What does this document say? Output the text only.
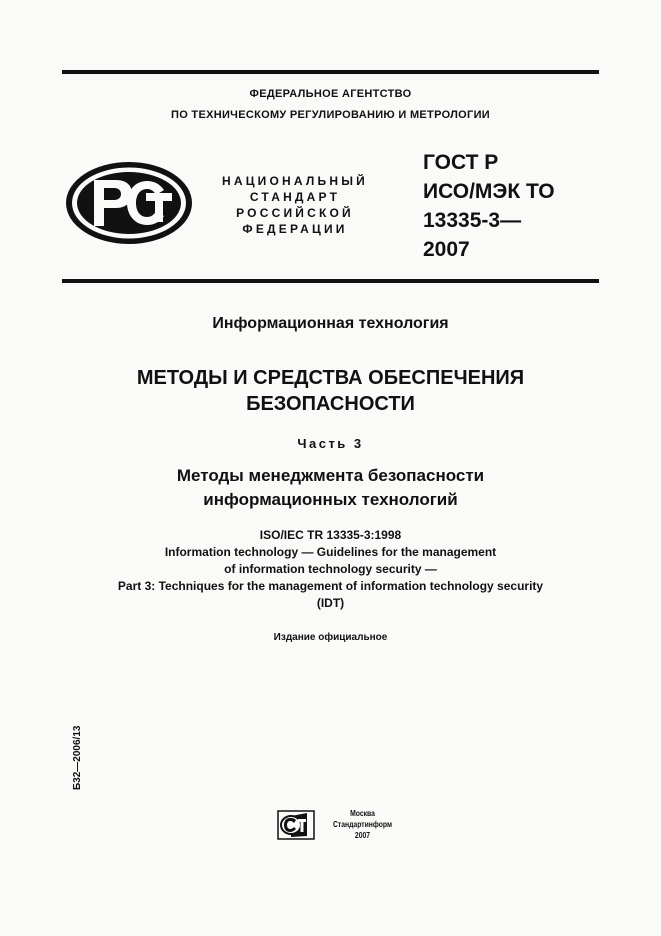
ФЕДЕРАЛЬНОЕ АГЕНТСТВО
ПО ТЕХНИЧЕСКОМУ РЕГУЛИРОВАНИЮ И МЕТРОЛОГИИ
НАЦИОНАЛЬНЫЙ
СТАНДАРТ
РОССИЙСКОЙ
ФЕДЕРАЦИИ
ГОСТ Р
ИСО/МЭК ТО
13335-3—
2007
Информационная технология
МЕТОДЫ И СРЕДСТВА ОБЕСПЕЧЕНИЯ
БЕЗОПАСНОСТИ
Часть 3
Методы менеджмента безопасности
информационных технологий
ISO/IEC TR 13335-3:1998
Information technology — Guidelines for the management
of information technology security —
Part 3: Techniques for the management of information technology security
(IDT)
Издание официальное
Б32—2006/13
Москва
Стандартинформ
2007
